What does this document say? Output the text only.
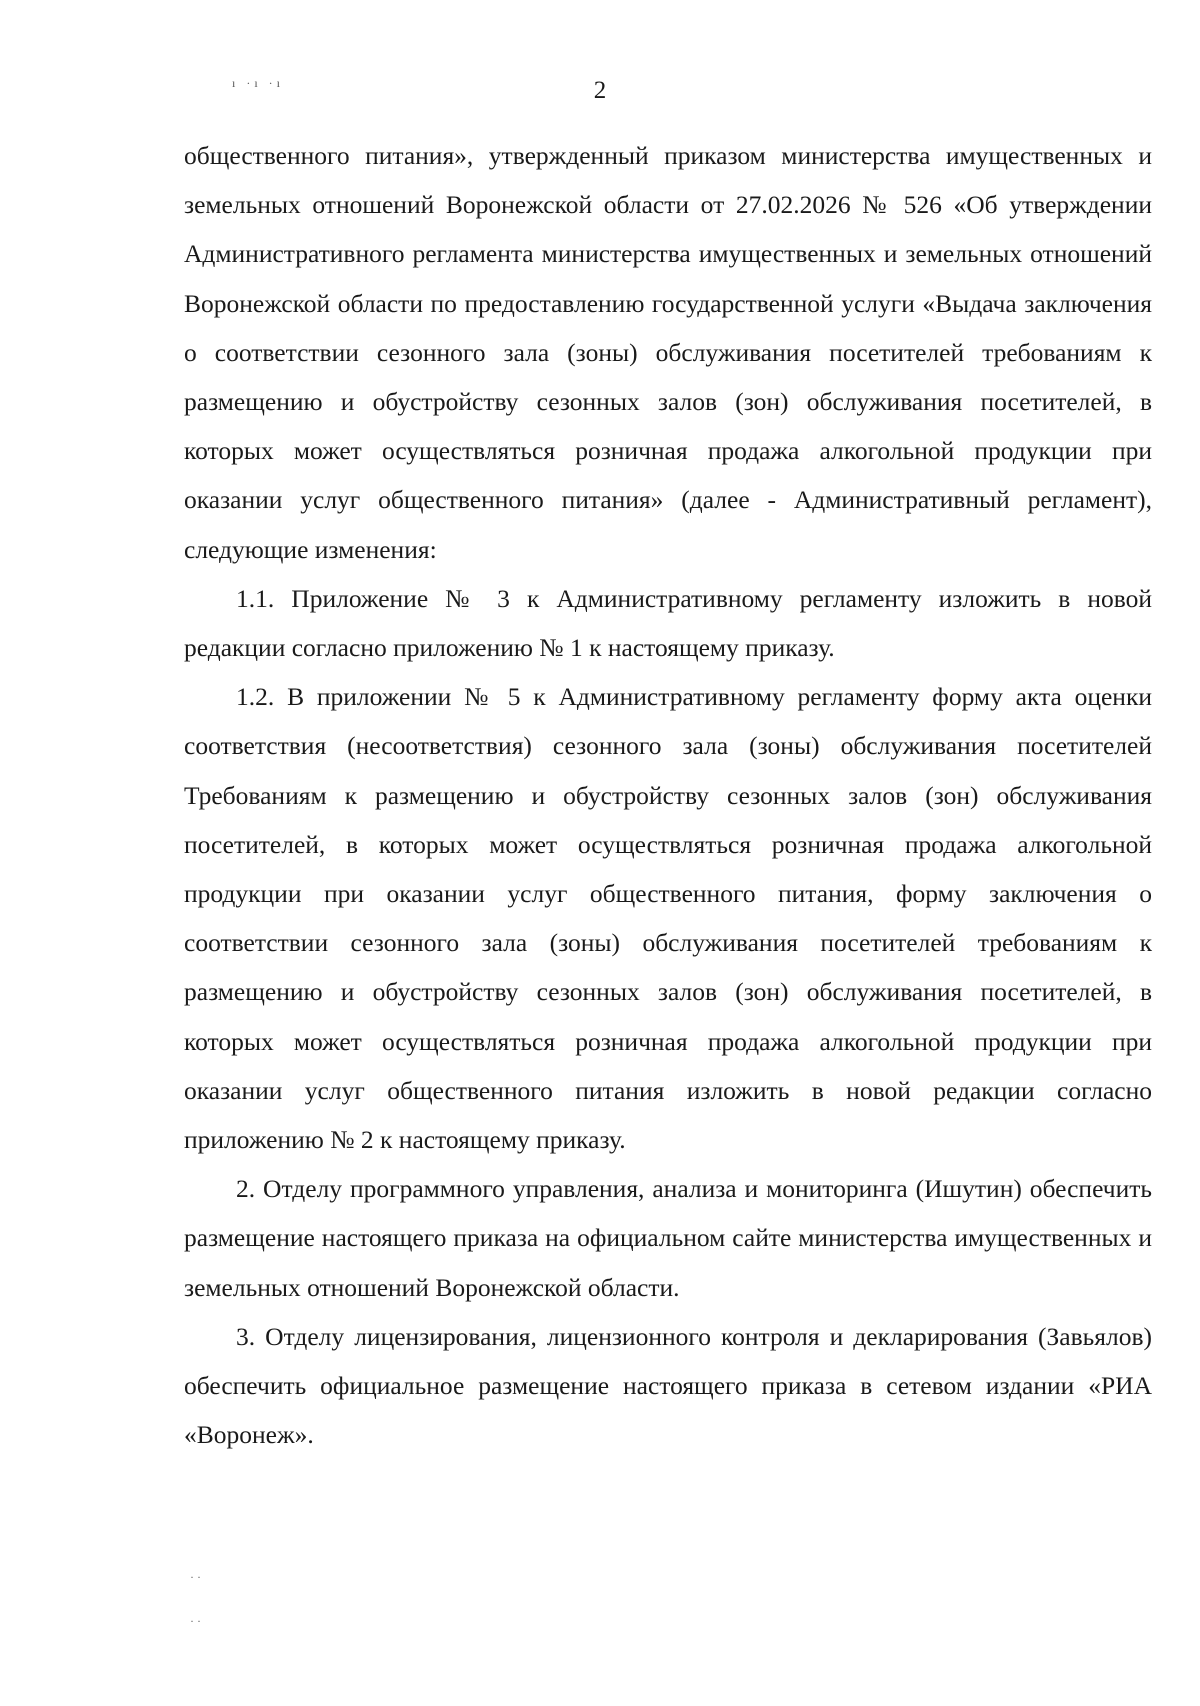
ı ·ı ·ı	2

общественного питания», утвержденный приказом министерства имущественных и земельных отношений Воронежской области от 27.02.2026 № 526 «Об утверждении Административного регламента министерства имущественных и земельных отношений Воронежской области по предоставлению государственной услуги «Выдача заключения о соответствии сезонного зала (зоны) обслуживания посетителей требованиям к размещению и обустройству сезонных залов (зон) обслуживания посетителей, в которых может осуществляться розничная продажа алкогольной продукции при оказании услуг общественного питания» (далее - Административный регламент), следующие изменения:

1.1. Приложение № 3 к Административному регламенту изложить в новой редакции согласно приложению № 1 к настоящему приказу.

1.2. В приложении № 5 к Административному регламенту форму акта оценки соответствия (несоответствия) сезонного зала (зоны) обслуживания посетителей Требованиям к размещению и обустройству сезонных залов (зон) обслуживания посетителей, в которых может осуществляться розничная продажа алкогольной продукции при оказании услуг общественного питания, форму заключения о соответствии сезонного зала (зоны) обслуживания посетителей требованиям к размещению и обустройству сезонных залов (зон) обслуживания посетителей, в которых может осуществляться розничная продажа алкогольной продукции при оказании услуг общественного питания изложить в новой редакции согласно приложению № 2 к настоящему приказу.

2. Отделу программного управления, анализа и мониторинга (Ишутин) обеспечить размещение настоящего приказа на официальном сайте министерства имущественных и земельных отношений Воронежской области.

3. Отделу лицензирования, лицензионного контроля и декларирования (Завьялов) обеспечить официальное размещение настоящего приказа в сетевом издании «РИА «Воронеж».

· ·
· ·
